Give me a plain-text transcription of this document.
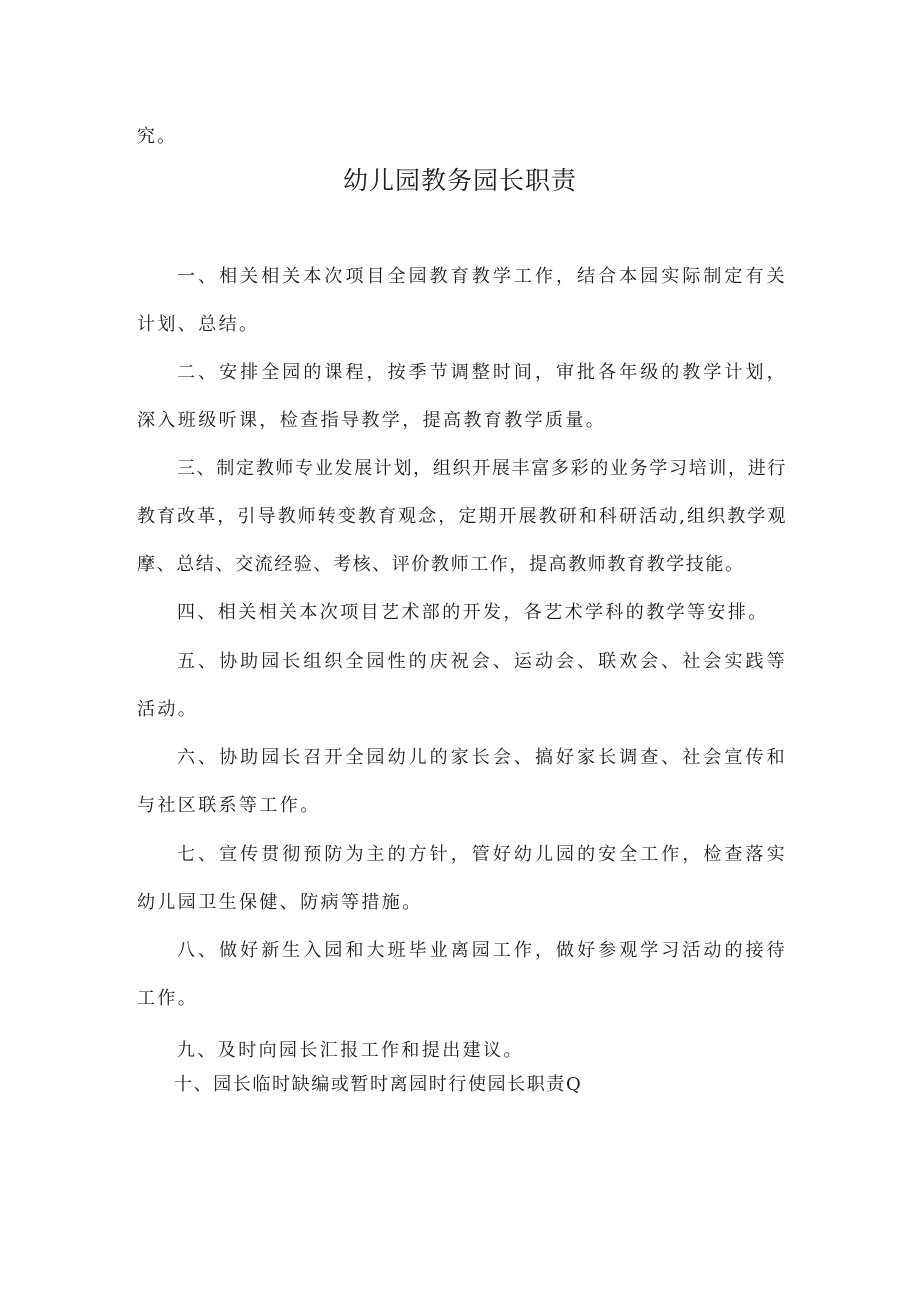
究。
幼儿园教务园长职责

一、相关相关本次项目全园教育教学工作，结合本园实际制定有关计划、总结。

二、安排全园的课程，按季节调整时间，审批各年级的教学计划，深入班级听课，检查指导教学，提高教育教学质量。

三、制定教师专业发展计划，组织开展丰富多彩的业务学习培训，进行教育改革，引导教师转变教育观念，定期开展教研和科研活动,组织教学观摩、总结、交流经验、考核、评价教师工作，提高教师教育教学技能。

四、相关相关本次项目艺术部的开发，各艺术学科的教学等安排。

五、协助园长组织全园性的庆祝会、运动会、联欢会、社会实践等活动。

六、协助园长召开全园幼儿的家长会、搞好家长调查、社会宣传和与社区联系等工作。

七、宣传贯彻预防为主的方针，管好幼儿园的安全工作，检查落实幼儿园卫生保健、防病等措施。

八、做好新生入园和大班毕业离园工作，做好参观学习活动的接待工作。

九、及时向园长汇报工作和提出建议。

十、园长临时缺编或暂时离园时行使园长职责Q
